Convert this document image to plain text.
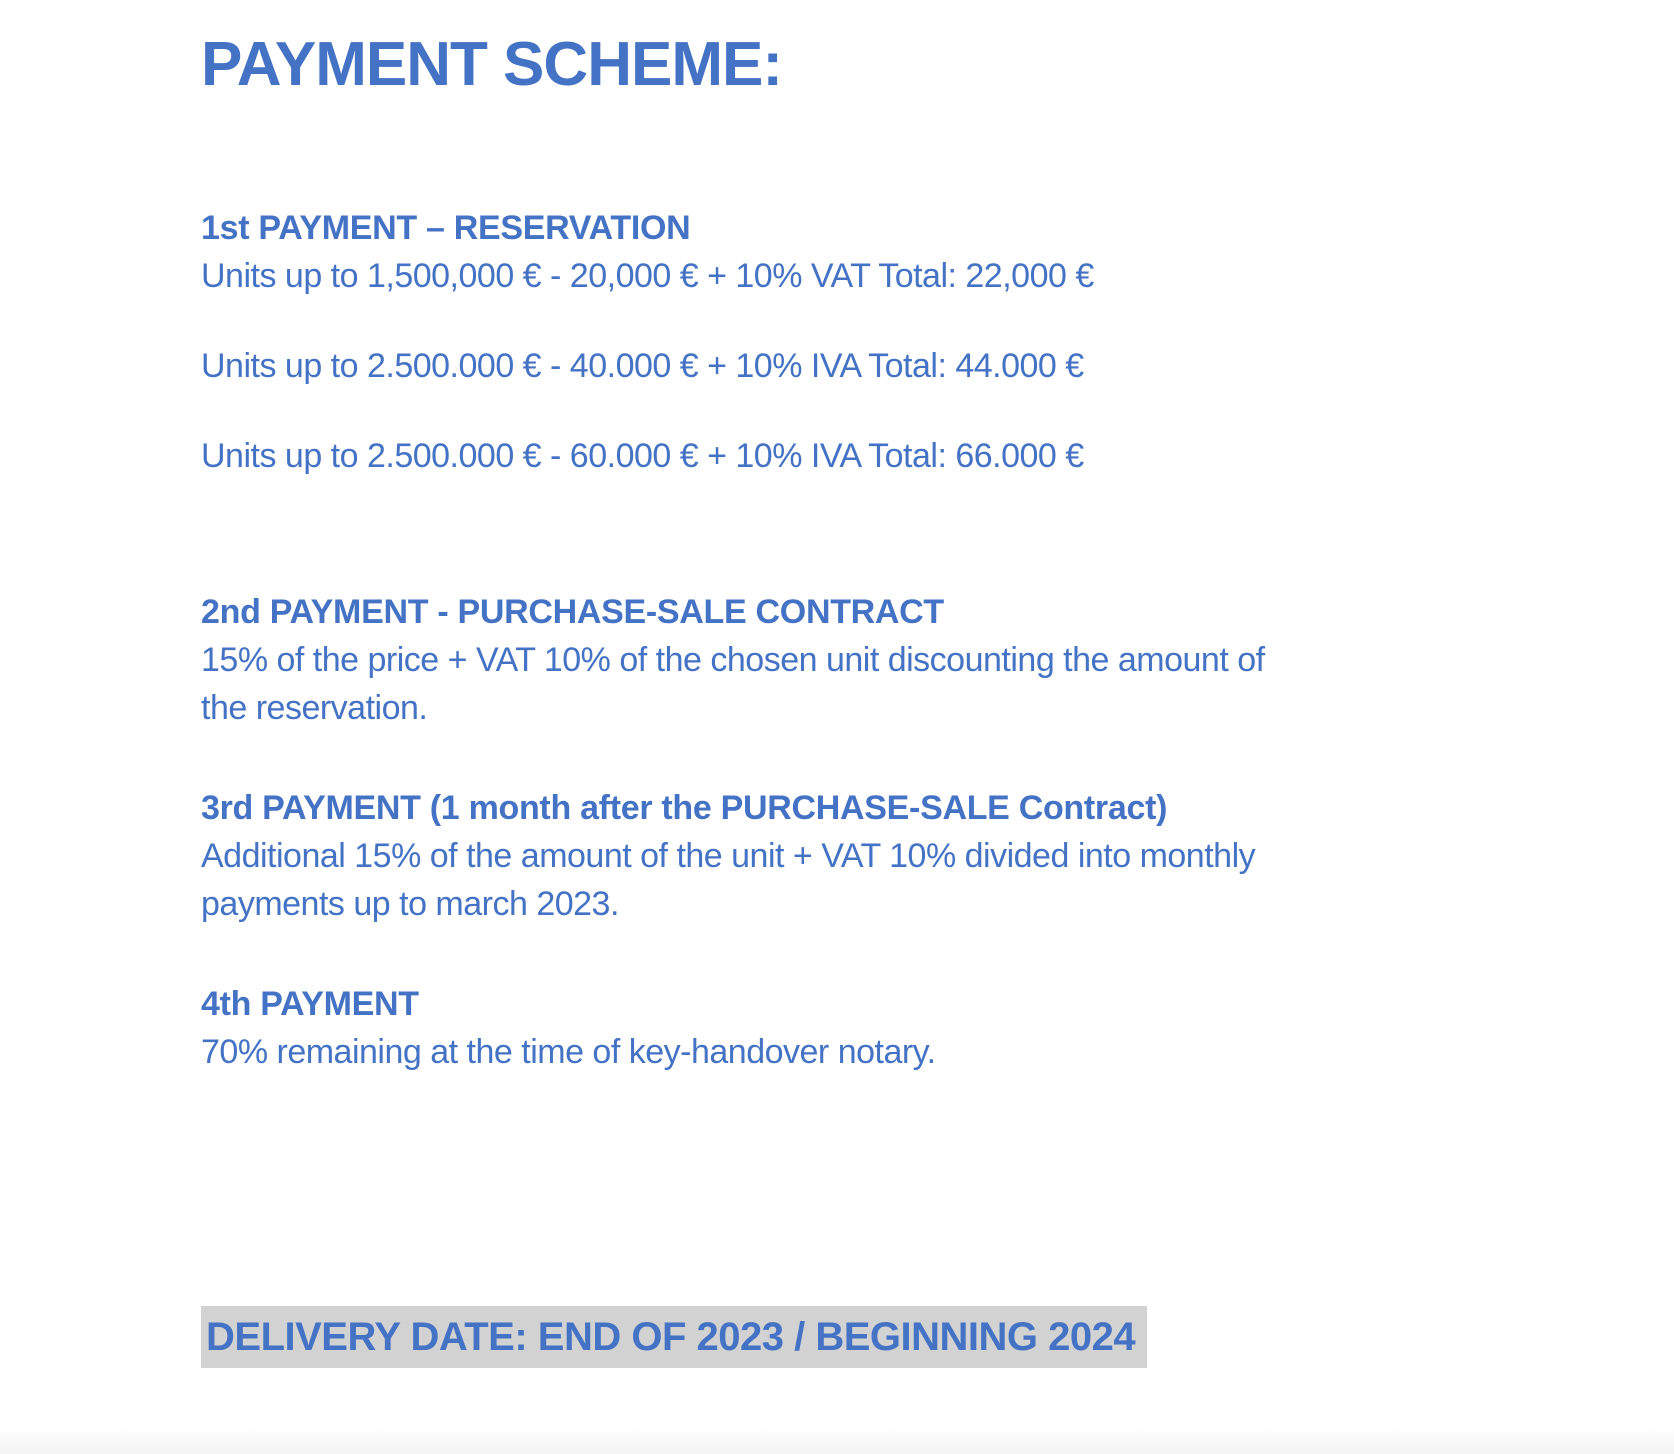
PAYMENT SCHEME:

1st PAYMENT – RESERVATION

Units up to 1,500,000 € - 20,000 € + 10% VAT Total: 22,000 €

Units up to 2.500.000 € - 40.000 € + 10% IVA Total: 44.000 €

Units up to 2.500.000 € - 60.000 € + 10% IVA Total: 66.000 €

2nd PAYMENT - PURCHASE-SALE CONTRACT

15% of the price + VAT 10% of the chosen unit discounting the amount of

the reservation.

3rd PAYMENT (1 month after the PURCHASE-SALE Contract)

Additional 15% of the amount of the unit + VAT 10% divided into monthly

payments up to march 2023.

4th PAYMENT

70% remaining at the time of key-handover notary.

DELIVERY DATE: END OF 2023 / BEGINNING 2024
